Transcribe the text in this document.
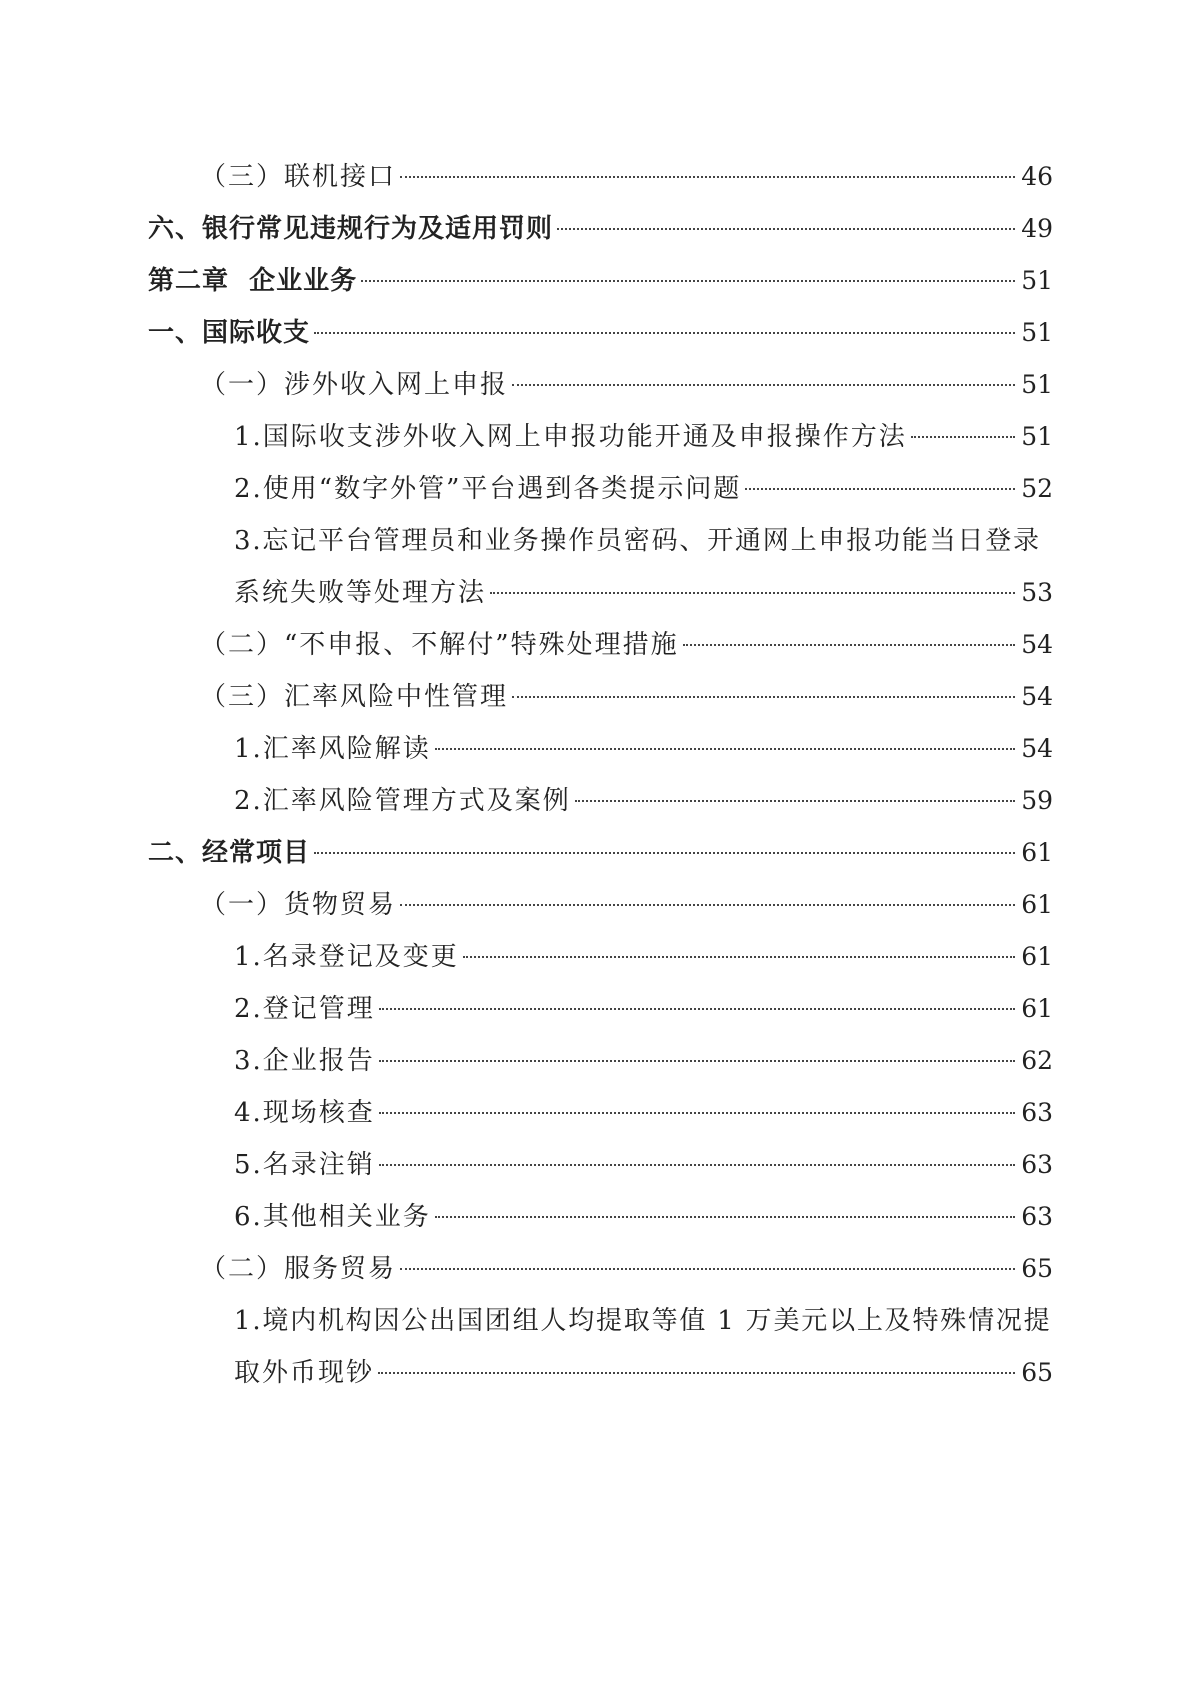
（三）联机接口	46
六、银行常见违规行为及适用罚则	49
第二章  企业业务	51
一、国际收支	51
（一）涉外收入网上申报	51
1.国际收支涉外收入网上申报功能开通及申报操作方法	51
2.使用“数字外管”平台遇到各类提示问题	52
3.忘记平台管理员和业务操作员密码、开通网上申报功能当日登录
系统失败等处理方法	53
（二）“不申报、不解付”特殊处理措施	54
（三）汇率风险中性管理	54
1.汇率风险解读	54
2.汇率风险管理方式及案例	59
二、经常项目	61
（一）货物贸易	61
1.名录登记及变更	61
2.登记管理	61
3.企业报告	62
4.现场核查	63
5.名录注销	63
6.其他相关业务	63
（二）服务贸易	65
1.境内机构因公出国团组人均提取等值 1 万美元以上及特殊情况提
取外币现钞	65
